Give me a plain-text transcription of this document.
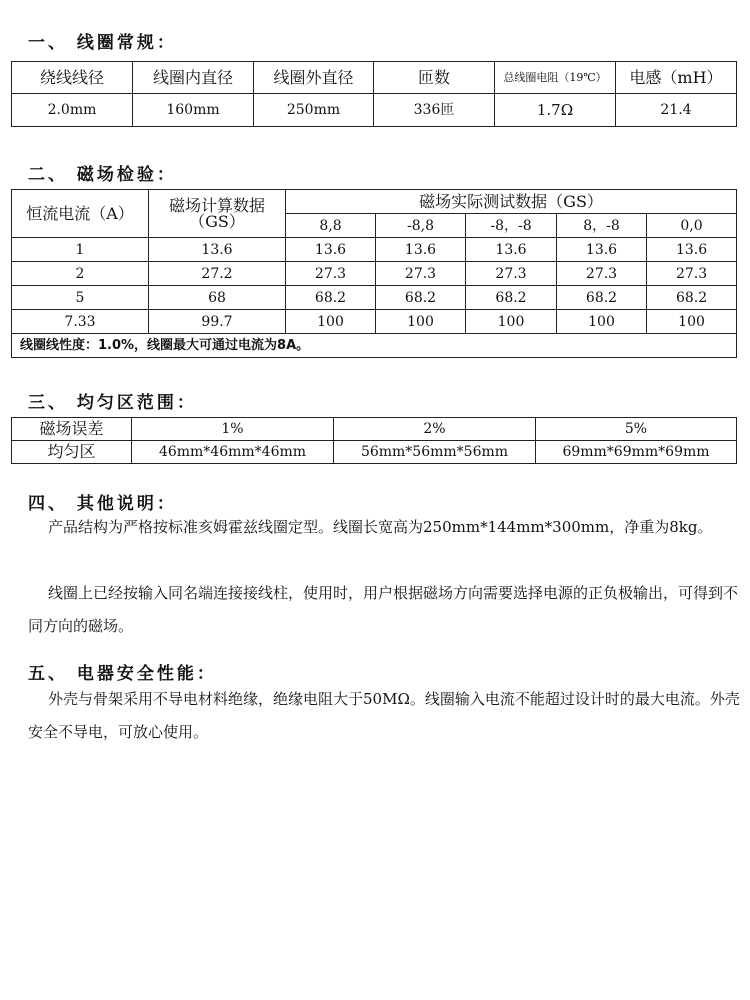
一、 线圈常规：
绕线线径	线圈内直径	线圈外直径	匝数	总线圈电阻（19℃）	电感（mH）
2.0mm	160mm	250mm	336匝	1.7Ω	21.4
二、 磁场检验：
恒流电流（A）	磁场计算数据（GS）	磁场实际测试数据（GS）				
		8,8	-8,8	-8，-8	8，-8	0,0
1	13.6	13.6	13.6	13.6	13.6	13.6
2	27.2	27.3	27.3	27.3	27.3	27.3
5	68	68.2	68.2	68.2	68.2	68.2
7.33	99.7	100	100	100	100	100
线圈线性度：1.0%，线圈最大可通过电流为8A。						
三、 均匀区范围：
磁场误差	1%	2%	5%
均匀区	46mm*46mm*46mm	56mm*56mm*56mm	69mm*69mm*69mm
四、 其他说明：

产品结构为严格按标准亥姆霍兹线圈定型。线圈长宽高为250mm*144mm*300mm，净重为8kg。

线圈上已经按输入同名端连接接线柱，使用时，用户根据磁场方向需要选择电源的正负极输出，可得到不同方向的磁场。

五、 电器安全性能：

外壳与骨架采用不导电材料绝缘，绝缘电阻大于50MΩ。线圈输入电流不能超过设计时的最大电流。外壳安全不导电，可放心使用。
